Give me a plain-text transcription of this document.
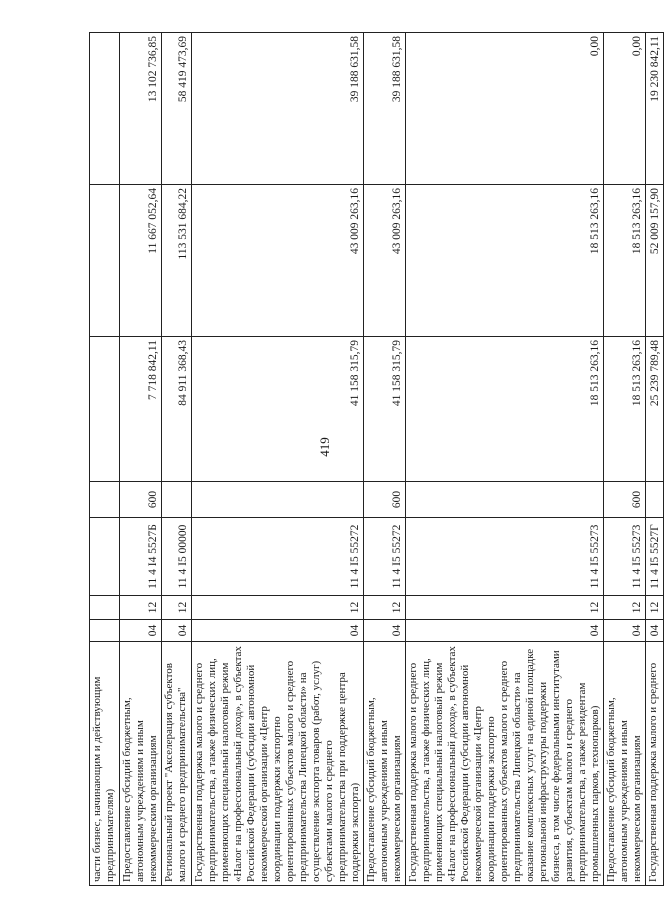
419
части бизнес, начинающим и действующим предпринимателям)							
Предоставление субсидий бюджетным, автономным учреждениям и иным некоммерческим организациям	04	12	11 4 I4 5527Б	600	7 718 842,11	11 667 052,64	13 102 736,85
Региональный проект "Акселерация субъектов малого и среднего предпринимательства"	04	12	11 4 I5 00000		84 911 368,43	113 531 684,22	58 419 473,69
Государственная поддержка малого и среднего предпринимательства, а также физических лиц, применяющих специальный налоговый режим «Налог на профессиональный доход», в субъектах Российской Федерации (субсидии автономной некоммерческой организации «Центр координации поддержки экспортно ориентированных субъектов малого и среднего предпринимательства Липецкой области» на осуществление экспорта товаров (работ, услуг) субъектами малого и среднего предпринимательства при поддержке центра поддержки экспорта)	04	12	11 4 I5 55272		41 158 315,79	43 009 263,16	39 188 631,58
Предоставление субсидий бюджетным, автономным учреждениям и иным некоммерческим организациям	04	12	11 4 I5 55272	600	41 158 315,79	43 009 263,16	39 188 631,58
Государственная поддержка малого и среднего предпринимательства, а также физических лиц, применяющих специальный налоговый режим «Налог на профессиональный доход», в субъектах Российской Федерации (субсидии автономной некоммерческой организации «Центр координации поддержки экспортно ориентированных субъектов малого и среднего предпринимательства Липецкой области» на оказание комплексных услуг на единой площадке региональной инфраструктуры поддержки бизнеса, в том числе федеральными институтами развития, субъектам малого и среднего предпринимательства, а также резидентам промышленных парков, технопарков)	04	12	11 4 I5 55273		18 513 263,16	18 513 263,16	0,00
Предоставление субсидий бюджетным, автономным учреждениям и иным некоммерческим организациям	04	12	11 4 I5 55273	600	18 513 263,16	18 513 263,16	0,00
Государственная поддержка малого и среднего	04	12	11 4 I5 5527Г		25 239 789,48	52 009 157,90	19 230 842,11
